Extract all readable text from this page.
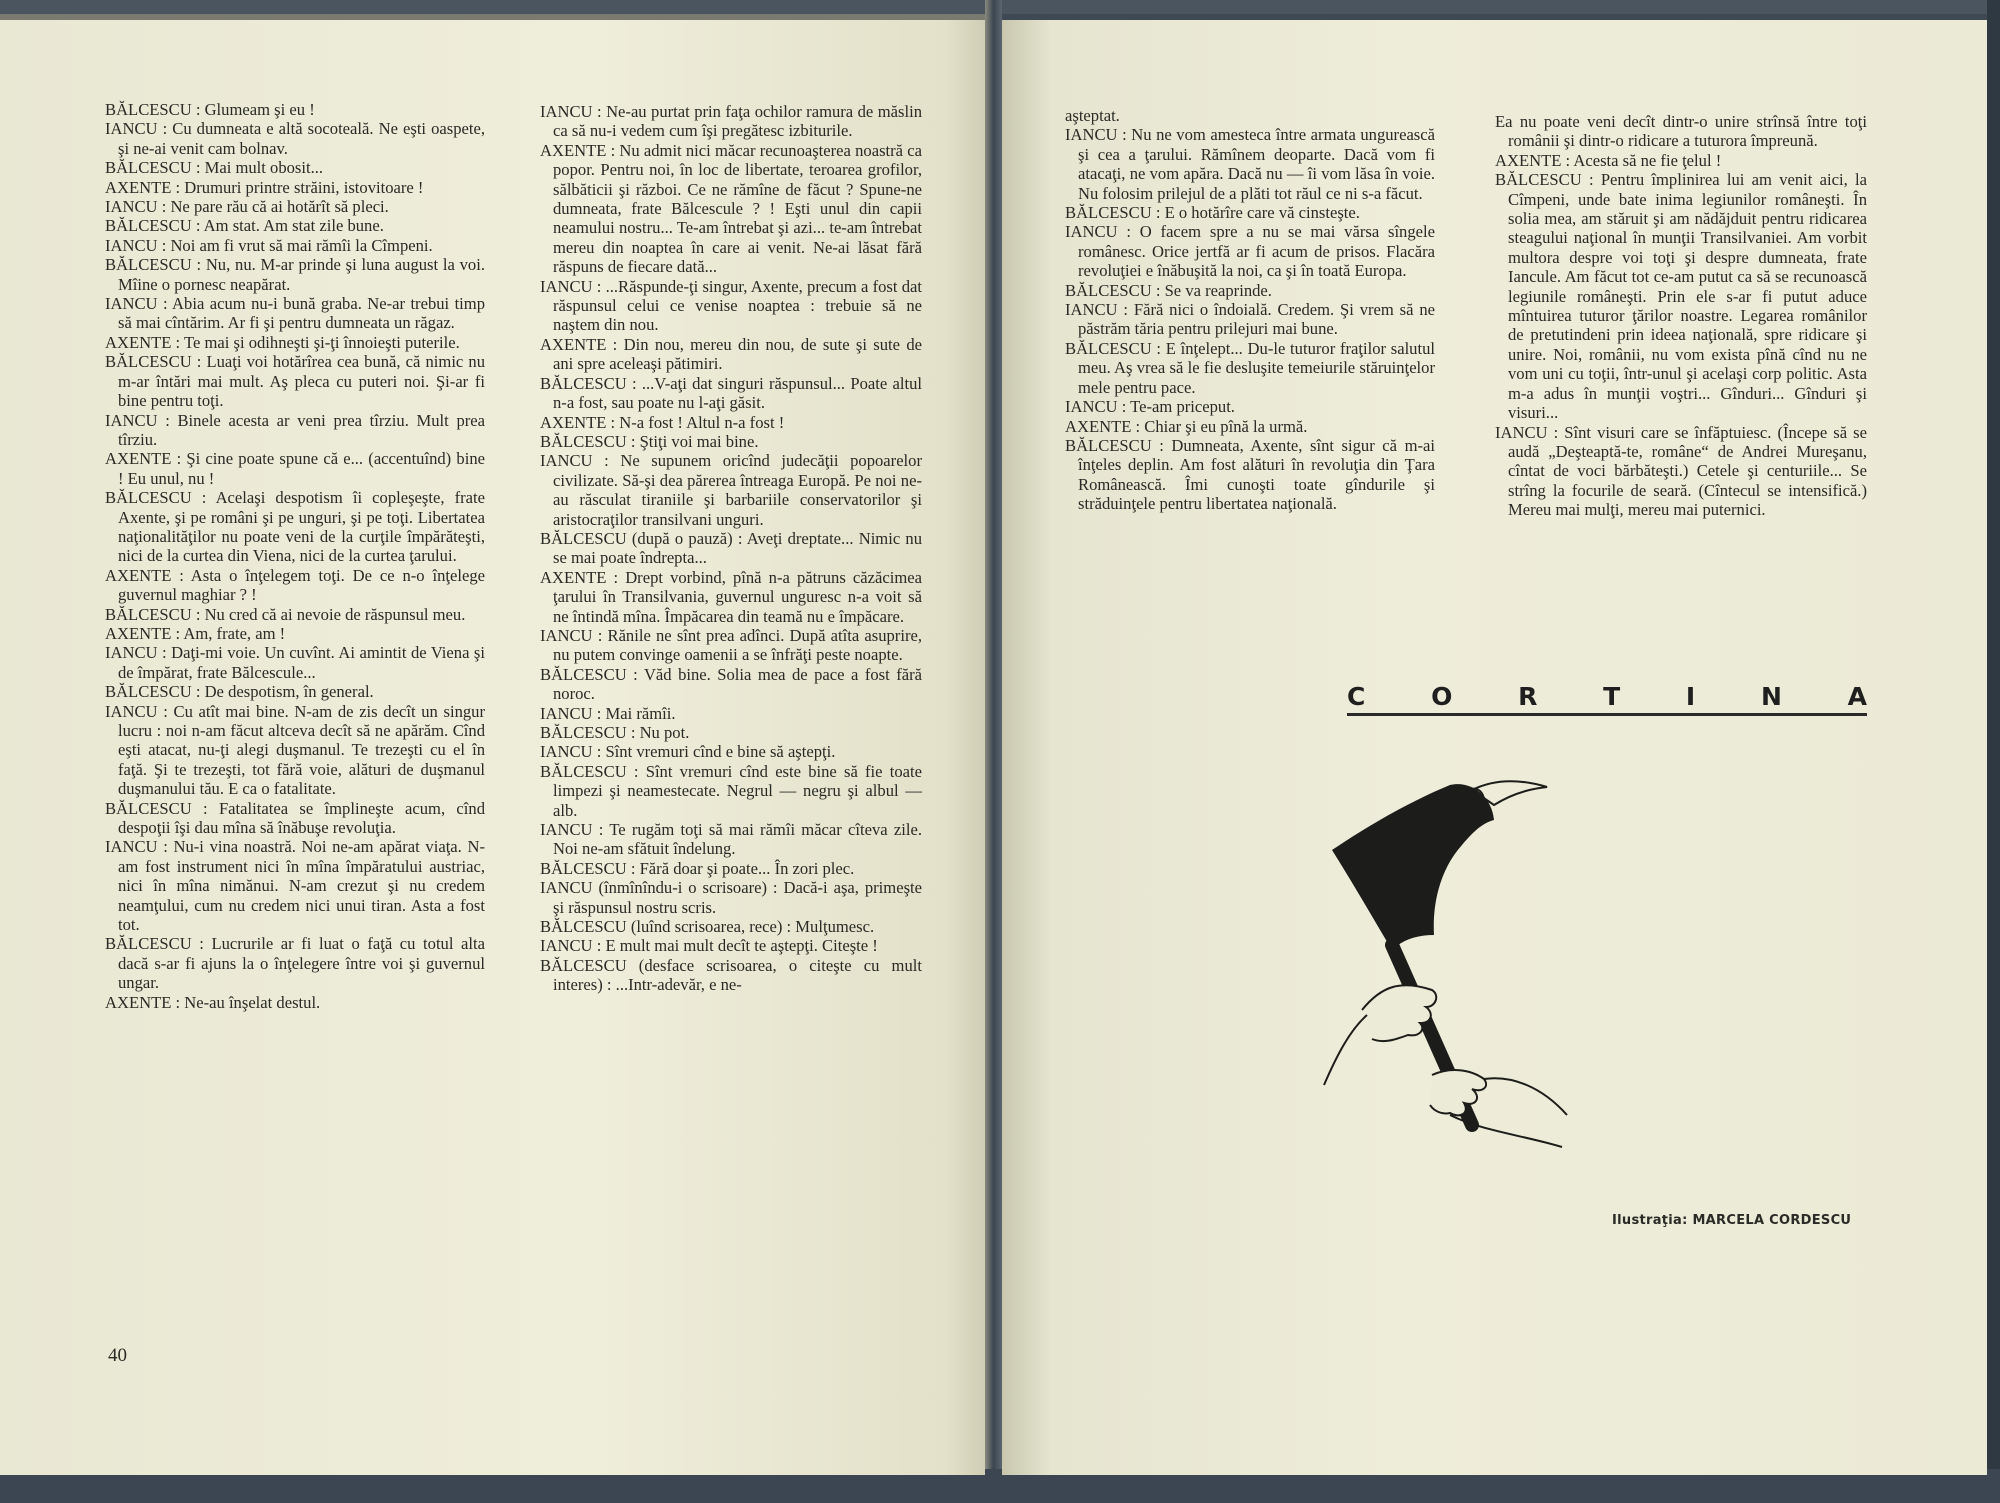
BĂLCESCU : Glumeam şi eu !

IANCU : Cu dumneata e altă socoteală. Ne eşti oaspete, şi ne-ai venit cam bolnav.

BĂLCESCU : Mai mult obosit...

AXENTE : Drumuri printre străini, istovitoare !

IANCU : Ne pare rău că ai hotărît să pleci.

BĂLCESCU : Am stat. Am stat zile bune.

IANCU : Noi am fi vrut să mai rămîi la Cîmpeni.

BĂLCESCU : Nu, nu. M-ar prinde şi luna august la voi. Mîine o pornesc neapărat.

IANCU : Abia acum nu-i bună graba. Ne-ar trebui timp să mai cîntărim. Ar fi şi pentru dumneata un răgaz.

AXENTE : Te mai şi odihneşti şi-ţi înnoieşti puterile.

BĂLCESCU : Luaţi voi hotărîrea cea bună, că nimic nu m-ar întări mai mult. Aş pleca cu puteri noi. Şi-ar fi bine pentru toţi.

IANCU : Binele acesta ar veni prea tîrziu. Mult prea tîrziu.

AXENTE : Şi cine poate spune că e... (accentuînd) bine ! Eu unul, nu !

BĂLCESCU : Acelaşi despotism îi copleşeşte, frate Axente, şi pe români şi pe unguri, şi pe toţi. Libertatea naţionalităţilor nu poate veni de la curţile împărăteşti, nici de la curtea din Viena, nici de la curtea ţarului.

AXENTE : Asta o înţelegem toţi. De ce n-o înţelege guvernul maghiar ? !

BĂLCESCU : Nu cred că ai nevoie de răspunsul meu.

AXENTE : Am, frate, am !

IANCU : Daţi-mi voie. Un cuvînt. Ai amintit de Viena şi de împărat, frate Bălcescule...

BĂLCESCU : De despotism, în general.

IANCU : Cu atît mai bine. N-am de zis decît un singur lucru : noi n-am făcut altceva decît să ne apărăm. Cînd eşti atacat, nu-ţi alegi duşmanul. Te trezeşti cu el în faţă. Şi te trezeşti, tot fără voie, alături de duşmanul duşmanului tău. E ca o fatalitate.

BĂLCESCU : Fatalitatea se împlineşte acum, cînd despoţii îşi dau mîna să înăbuşe revoluţia.

IANCU : Nu-i vina noastră. Noi ne-am apărat viaţa. N-am fost instrument nici în mîna împăratului austriac, nici în mîna nimănui. N-am crezut şi nu credem neamţului, cum nu credem nici unui tiran. Asta a fost tot.

BĂLCESCU : Lucrurile ar fi luat o faţă cu totul alta dacă s-ar fi ajuns la o înţelegere între voi şi guvernul ungar.

AXENTE : Ne-au înşelat destul.

IANCU : Ne-au purtat prin faţa ochilor ramura de măslin ca să nu-i vedem cum îşi pregătesc izbiturile.

AXENTE : Nu admit nici măcar recunoaşterea noastră ca popor. Pentru noi, în loc de libertate, teroarea grofilor, sălbăticii şi război. Ce ne rămîne de făcut ? Spune-ne dumneata, frate Bălcescule ? ! Eşti unul din capii neamului nostru... Te-am întrebat şi azi... te-am întrebat mereu din noaptea în care ai venit. Ne-ai lăsat fără răspuns de fiecare dată...

IANCU : ...Răspunde-ţi singur, Axente, precum a fost dat răspunsul celui ce venise noaptea : trebuie să ne naştem din nou.

AXENTE : Din nou, mereu din nou, de sute şi sute de ani spre aceleaşi pătimiri.

BĂLCESCU : ...V-aţi dat singuri răspunsul... Poate altul n-a fost, sau poate nu l-aţi găsit.

AXENTE : N-a fost ! Altul n-a fost !

BĂLCESCU : Ştiţi voi mai bine.

IANCU : Ne supunem oricînd judecăţii popoarelor civilizate. Să-şi dea părerea întreaga Europă. Pe noi ne-au răsculat tiraniile şi barbariile conservatorilor şi aristocraţilor transilvani unguri.

BĂLCESCU (după o pauză) : Aveţi dreptate... Nimic nu se mai poate îndrepta...

AXENTE : Drept vorbind, pînă n-a pătruns căzăcimea ţarului în Transilvania, guvernul unguresc n-a voit să ne întindă mîna. Împăcarea din teamă nu e împăcare.

IANCU : Rănile ne sînt prea adînci. După atîta asuprire, nu putem convinge oamenii a se înfrăţi peste noapte.

BĂLCESCU : Văd bine. Solia mea de pace a fost fără noroc.

IANCU : Mai rămîi.

BĂLCESCU : Nu pot.

IANCU : Sînt vremuri cînd e bine să aştepţi.

BĂLCESCU : Sînt vremuri cînd este bine să fie toate limpezi şi neamestecate. Negrul — negru şi albul — alb.

IANCU : Te rugăm toţi să mai rămîi măcar cîteva zile. Noi ne-am sfătuit îndelung.

BĂLCESCU : Fără doar şi poate... În zori plec.

IANCU (înmînîndu-i o scrisoare) : Dacă-i aşa, primeşte şi răspunsul nostru scris.

BĂLCESCU (luînd scrisoarea, rece) : Mulţumesc.

IANCU : E mult mai mult decît te aştepţi. Citeşte !

BĂLCESCU (desface scrisoarea, o citeşte cu mult interes) : ...Intr-adevăr, e ne-

40

aşteptat.

IANCU : Nu ne vom amesteca între armata ungurească şi cea a ţarului. Rămînem deoparte. Dacă vom fi atacaţi, ne vom apăra. Dacă nu — îi vom lăsa în voie. Nu folosim prilejul de a plăti tot răul ce ni s-a făcut.

BĂLCESCU : E o hotărîre care vă cinsteşte.

IANCU : O facem spre a nu se mai vărsa sîngele românesc. Orice jertfă ar fi acum de prisos. Flacăra revoluţiei e înăbuşită la noi, ca şi în toată Europa.

BĂLCESCU : Se va reaprinde.

IANCU : Fără nici o îndoială. Credem. Şi vrem să ne păstrăm tăria pentru prilejuri mai bune.

BĂLCESCU : E înţelept... Du-le tuturor fraţilor salutul meu. Aş vrea să le fie desluşite temeiurile stăruinţelor mele pentru pace.

IANCU : Te-am priceput.

AXENTE : Chiar şi eu pînă la urmă.

BĂLCESCU : Dumneata, Axente, sînt sigur că m-ai înţeles deplin. Am fost alături în revoluţia din Ţara Românească. Îmi cunoşti toate gîndurile şi străduinţele pentru libertatea naţională.

Ea nu poate veni decît dintr-o unire strînsă între toţi românii şi dintr-o ridicare a tuturora împreună.

AXENTE : Acesta să ne fie ţelul !

BĂLCESCU : Pentru împlinirea lui am venit aici, la Cîmpeni, unde bate inima legiunilor româneşti. În solia mea, am stăruit şi am nădăjduit pentru ridicarea steagului naţional în munţii Transilvaniei. Am vorbit multora despre voi toţi şi despre dumneata, frate Iancule. Am făcut tot ce-am putut ca să se recunoască legiunile româneşti. Prin ele s-ar fi putut aduce mîntuirea tuturor ţărilor noastre. Legarea românilor de pretutindeni prin ideea naţională, spre ridicare şi unire. Noi, românii, nu vom exista pînă cînd nu ne vom uni cu toţii, într-unul şi acelaşi corp politic. Asta m-a adus în munţii voştri... Gînduri... Gînduri şi visuri...

IANCU : Sînt visuri care se înfăptuiesc. (Începe să se audă „Deşteaptă-te, române“ de Andrei Mureşanu, cîntat de voci bărbăteşti.) Cetele şi centuriile... Se strîng la focurile de seară. (Cîntecul se intensifică.) Mereu mai mulţi, mereu mai puternici.

C	O	R	T	I	N	A
Ilustraţia: MARCELA CORDESCU
